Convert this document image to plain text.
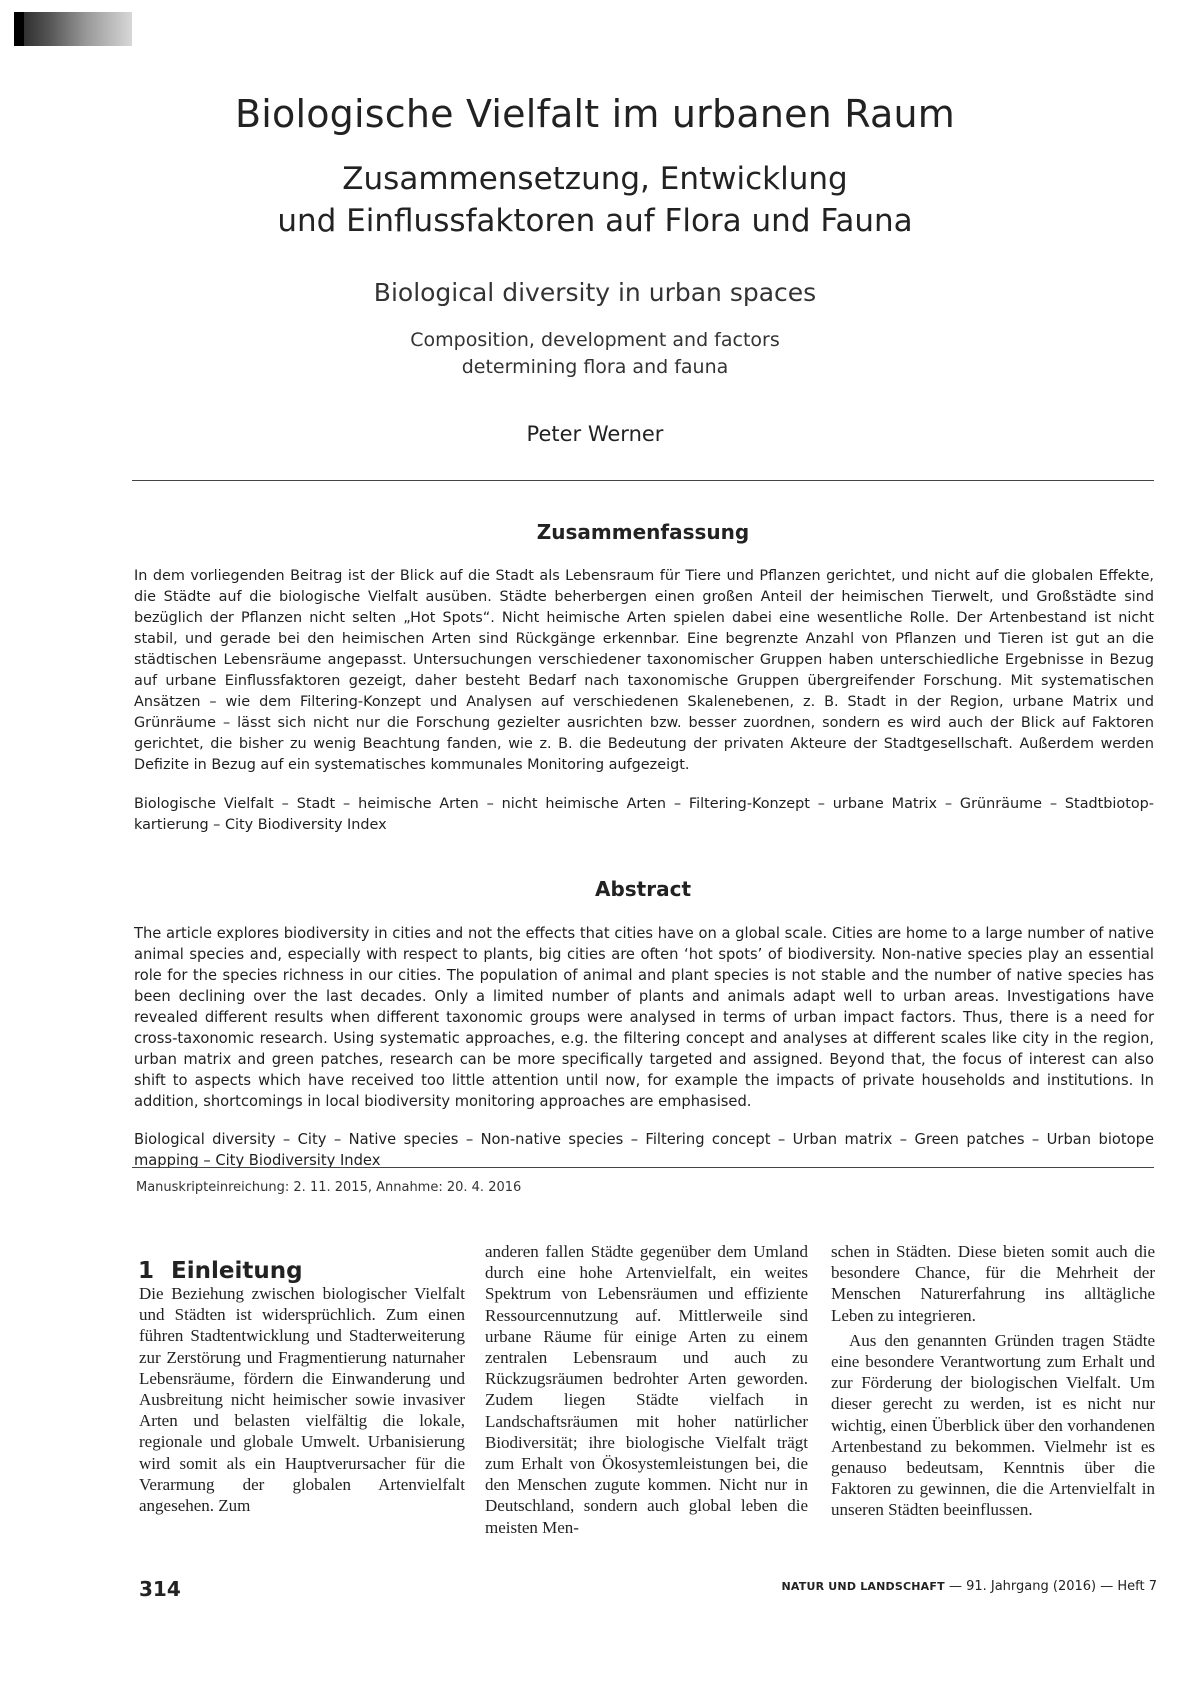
Biologische Vielfalt im urbanen Raum
Zusammensetzung, Entwicklung
und Einflussfaktoren auf Flora und Fauna
Biological diversity in urban spaces
Composition, development and factors
determining flora and fauna
Peter Werner
Zusammenfassung

In dem vorliegenden Beitrag ist der Blick auf die Stadt als Lebensraum für Tiere und Pflanzen gerichtet, und nicht auf die globalen Effekte, die Städte auf die biologische Vielfalt ausüben. Städte beherbergen einen großen Anteil der heimischen Tierwelt, und Großstädte sind bezüglich der Pflanzen nicht selten „Hot Spots“. Nicht heimische Arten spielen dabei eine wesentliche Rolle. Der Artenbestand ist nicht stabil, und gerade bei den heimischen Arten sind Rückgänge erkennbar. Eine begrenzte Anzahl von Pflanzen und Tieren ist gut an die städtischen Lebensräume angepasst. Untersuchungen verschiedener taxonomischer Gruppen haben unterschiedliche Ergebnisse in Bezug auf urbane Einflussfaktoren gezeigt, daher besteht Bedarf nach taxonomische Gruppen übergreifender Forschung. Mit systematischen Ansätzen – wie dem Filtering-Konzept und Analysen auf verschiedenen Skalenebenen, z. B. Stadt in der Region, urbane Matrix und Grünräume – lässt sich nicht nur die Forschung gezielter ausrichten bzw. besser zuordnen, sondern es wird auch der Blick auf Faktoren gerichtet, die bisher zu wenig Beachtung fanden, wie z. B. die Bedeutung der privaten Akteure der Stadtgesellschaft. Außerdem werden Defizite in Bezug auf ein systematisches kommunales Monitoring aufgezeigt.

Biologische Vielfalt – Stadt – heimische Arten – nicht heimische Arten – Filtering-Konzept – urbane Matrix – Grünräume – Stadtbiotop-kartierung – City Biodiversity Index

Abstract

The article explores biodiversity in cities and not the effects that cities have on a global scale. Cities are home to a large number of native animal species and, especially with respect to plants, big cities are often ‘hot spots’ of biodiversity. Non-native species play an essential role for the species richness in our cities. The population of animal and plant species is not stable and the number of native species has been declining over the last decades. Only a limited number of plants and animals adapt well to urban areas. Investigations have revealed different results when different taxonomic groups were analysed in terms of urban impact factors. Thus, there is a need for cross-taxonomic research. Using systematic approaches, e.g. the filtering concept and analyses at different scales like city in the region, urban matrix and green patches, research can be more specifically targeted and assigned. Beyond that, the focus of interest can also shift to aspects which have received too little attention until now, for example the impacts of private households and institutions. In addition, shortcomings in local biodiversity monitoring approaches are emphasised.

Biological diversity – City – Native species – Non-native species – Filtering concept – Urban matrix – Green patches – Urban biotope mapping – City Biodiversity Index

Manuskripteinreichung: 2. 11. 2015, Annahme: 20. 4. 2016
1 Einleitung

Die Beziehung zwischen biologischer Vielfalt und Städten ist widersprüchlich. Zum einen führen Stadtentwicklung und Stadterweiterung zur Zerstörung und Fragmentierung naturnaher Lebensräume, fördern die Einwanderung und Ausbreitung nicht heimischer sowie invasiver Arten und belasten vielfältig die lokale, regionale und globale Umwelt. Urbanisierung wird somit als ein Hauptverursacher für die Verarmung der globalen Artenvielfalt angesehen. Zum

anderen fallen Städte gegenüber dem Umland durch eine hohe Artenvielfalt, ein weites Spektrum von Lebensräumen und effiziente Ressourcennutzung auf. Mittlerweile sind urbane Räume für einige Arten zu einem zentralen Lebensraum und auch zu Rückzugsräumen bedrohter Arten geworden. Zudem liegen Städte vielfach in Landschaftsräumen mit hoher natürlicher Biodiversität; ihre biologische Vielfalt trägt zum Erhalt von Ökosystemleistungen bei, die den Menschen zugute kommen. Nicht nur in Deutschland, sondern auch global leben die meisten Men-

schen in Städten. Diese bieten somit auch die besondere Chance, für die Mehrheit der Menschen Naturerfahrung ins alltägliche Leben zu integrieren.

Aus den genannten Gründen tragen Städte eine besondere Verantwortung zum Erhalt und zur Förderung der biologischen Vielfalt. Um dieser gerecht zu werden, ist es nicht nur wichtig, einen Überblick über den vorhandenen Artenbestand zu bekommen. Vielmehr ist es genauso bedeutsam, Kenntnis über die Faktoren zu gewinnen, die die Artenvielfalt in unseren Städten beeinflussen.

314	NATUR UND LANDSCHAFT — 91. Jahrgang (2016) — Heft 7
